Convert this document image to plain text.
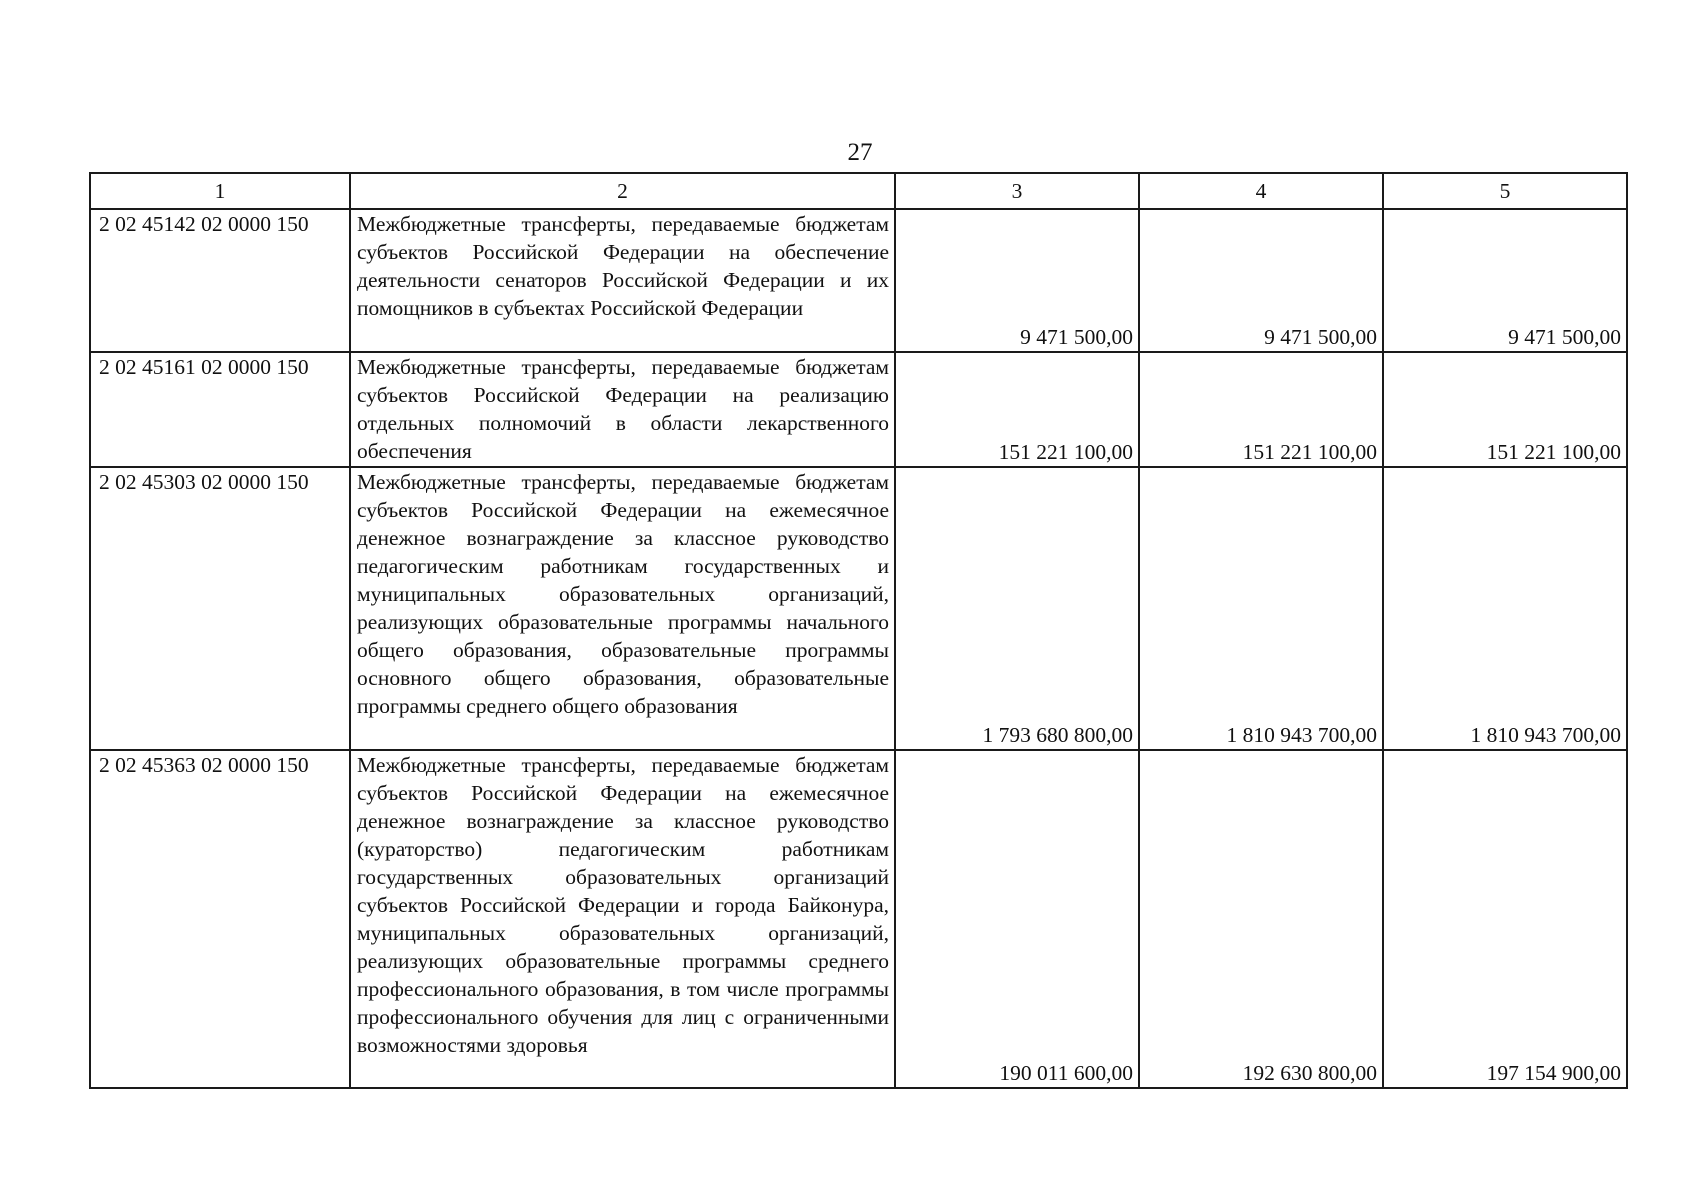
27
1	2	3	4	5
2 02 45142 02 0000 150	Межбюджетные трансферты, передаваемые бюджетам субъектов Российской Федерации на обеспечение деятельности сенаторов Российской Федерации и их помощников в субъектах Российской Федерации	9 471 500,00	9 471 500,00	9 471 500,00
2 02 45161 02 0000 150	Межбюджетные трансферты, передаваемые бюджетам субъектов Российской Федерации на реализацию отдельных полномочий в области лекарственного обеспечения	151 221 100,00	151 221 100,00	151 221 100,00
2 02 45303 02 0000 150	Межбюджетные трансферты, передаваемые бюджетам субъектов Российской Федерации на ежемесячное денежное вознаграждение за классное руководство педагогическим работникам государственных и муниципальных образовательных организаций, реализующих образовательные программы начального общего образования, образовательные программы основного общего образования, образовательные программы среднего общего образования	1 793 680 800,00	1 810 943 700,00	1 810 943 700,00
2 02 45363 02 0000 150	Межбюджетные трансферты, передаваемые бюджетам субъектов Российской Федерации на ежемесячное денежное вознаграждение за классное руководство (кураторство) педагогическим работникам государственных образовательных организаций субъектов Российской Федерации и города Байконура, муниципальных образовательных организаций, реализующих образовательные программы среднего профессионального образования, в том числе программы профессионального обучения для лиц с ограниченными возможностями здоровья	190 011 600,00	192 630 800,00	197 154 900,00
